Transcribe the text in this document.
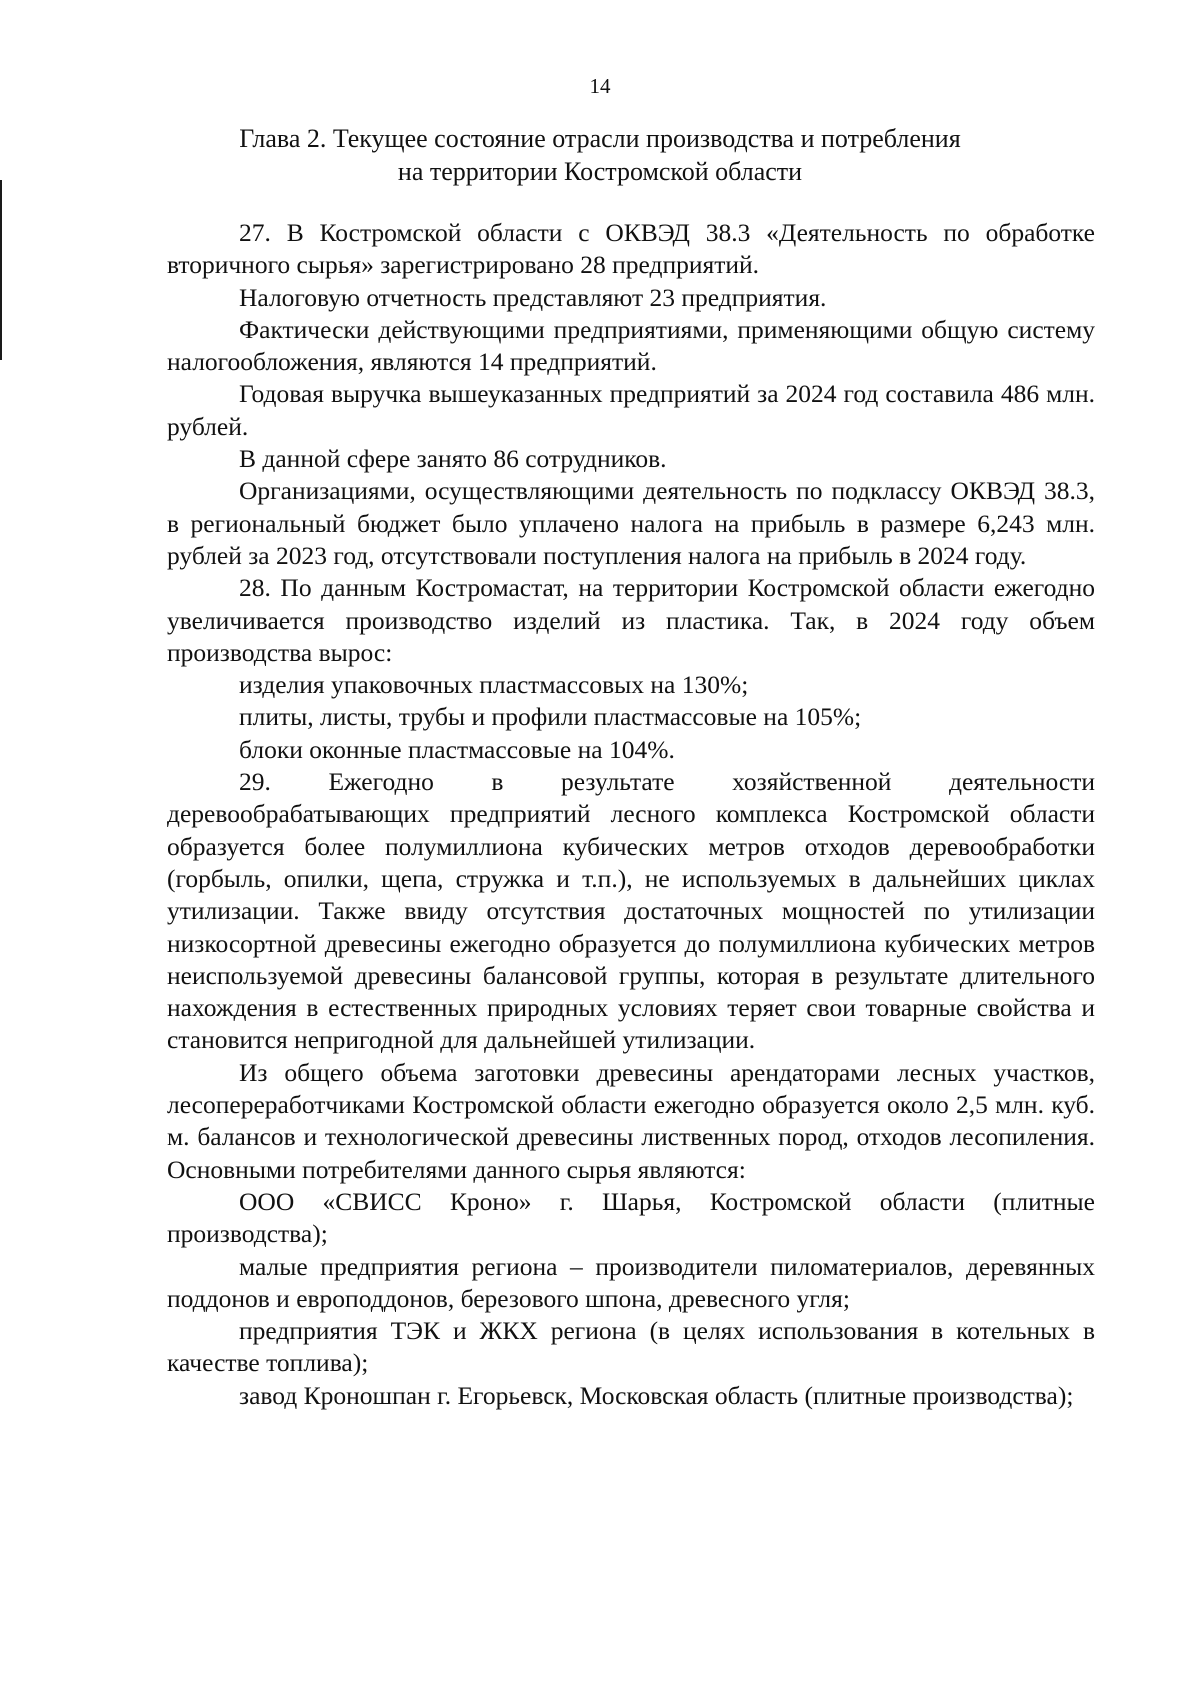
14
Глава 2. Текущее состояние отрасли производства и потребления
на территории Костромской области

27. В Костромской области с ОКВЭД 38.3 «Деятельность по обработке вторичного сырья» зарегистрировано 28 предприятий.

Налоговую отчетность представляют 23 предприятия.

Фактически действующими предприятиями, применяющими общую систему налогообложения, являются 14 предприятий.

Годовая выручка вышеуказанных предприятий за 2024 год составила 486 млн. рублей.

В данной сфере занято 86 сотрудников.

Организациями, осуществляющими деятельность по подклассу ОКВЭД 38.3, в региональный бюджет было уплачено налога на прибыль в размере 6,243 млн. рублей за 2023 год, отсутствовали поступления налога на прибыль в 2024 году.

28. По данным Костромастат, на территории Костромской области ежегодно увеличивается производство изделий из пластика. Так, в 2024 году объем производства вырос:

изделия упаковочных пластмассовых на 130%;

плиты, листы, трубы и профили пластмассовые на 105%;

блоки оконные пластмассовые на 104%.

29. Ежегодно в результате хозяйственной деятельности деревообрабатывающих предприятий лесного комплекса Костромской области образуется более полумиллиона кубических метров отходов деревообработки (горбыль, опилки, щепа, стружка и т.п.), не используемых в дальнейших циклах утилизации. Также ввиду отсутствия достаточных мощностей по утилизации низкосортной древесины ежегодно образуется до полумиллиона кубических метров неиспользуемой древесины балансовой группы, которая в результате длительного нахождения в естественных природных условиях теряет свои товарные свойства и становится непригодной для дальнейшей утилизации.

Из общего объема заготовки древесины арендаторами лесных участков, лесопереработчиками Костромской области ежегодно образуется около 2,5 млн. куб. м. балансов и технологической древесины лиственных пород, отходов лесопиления. Основными потребителями данного сырья являются:

ООО «СВИСС Кроно» г. Шарья, Костромской области (плитные производства);

малые предприятия региона – производители пиломатериалов, деревянных поддонов и европоддонов, березового шпона, древесного угля;

предприятия ТЭК и ЖКХ региона (в целях использования в котельных в качестве топлива);

завод Кроношпан г. Егорьевск, Московская область (плитные производства);
